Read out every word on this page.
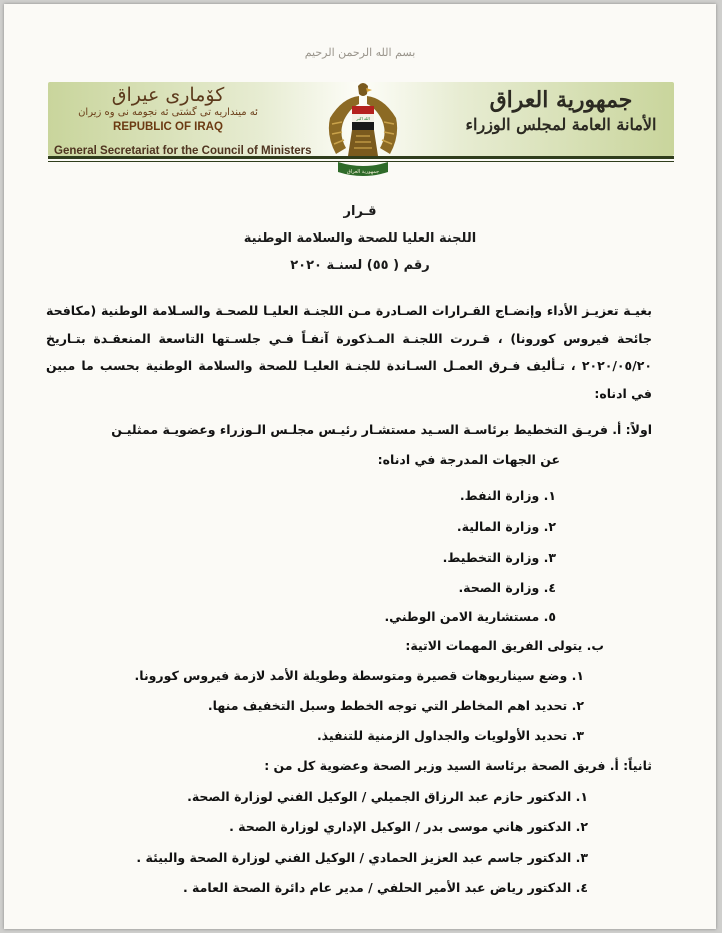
بسم الله الرحمن الرحيم
كۆمارى عيراق
ئه‌ مينداريه‌ تى گشتى ئه‌ نجومه‌ نى وه‌ زيران
REPUBLIC OF IRAQ
General Secretariat for the Council of Ministers
جمهورية العراق
الأمانة العامة لمجلس الوزراء
الله اكبر
جمهورية العراق
قـرار
اللجنة العليا للصحة والسلامة الوطنية
رقم ( ٥٥) لسنـة ٢٠٢٠
بغيـة تعزيـز الأداء وإنضـاج القـرارات الصـادرة مـن اللجنـة العليـا للصحـة والسـلامة الوطنية (مكافحة جائحة فيروس كورونا) ، قـررت اللجنـة المـذكورة آنفـاً فـي جلسـتها التاسعة المنعقـدة بتـاريخ ٢٠٢٠/٠٥/٢٠ ، تـأليف فـرق العمـل السـاندة للجنـة العليـا للصحة والسلامة الوطنية بحسب ما مبين في ادناه:
اولاً: أ. فريـق التخطيط برئاسـة السـيد مستشـار رئيـس مجلـس الـوزراء وعضويـة ممثليـن
عن الجهات المدرجة في ادناه:
١. وزارة النفط.
٢. وزارة المالية.
٣. وزارة التخطيط.
٤. وزارة الصحة.
٥. مستشارية الامن الوطني.
ب. يتولى الفريق المهمات الاتية:
١. وضع سيناريوهات قصيرة ومتوسطة وطويلة الأمد لازمة فيروس كورونا.
٢. تحديد اهم المخاطر التي توجه الخطط وسبل التخفيف منها.
٣. تحديد الأولويات والجداول الزمنية للتنفيذ.
ثانياً: أ. فريق الصحة برئاسة السيد وزير الصحة وعضوية كل من :
١. الدكتور حازم عبد الرزاق الجميلي / الوكيل الفني لوزارة الصحة.
٢. الدكتور هاني موسى بدر / الوكيل الإداري لوزارة الصحة .
٣. الدكتور جاسم عبد العزيز الحمادي / الوكيل الفني لوزارة الصحة والبيئة .
٤. الدكتور رياض عبد الأمير الحلفي / مدير عام دائرة الصحة العامة .
